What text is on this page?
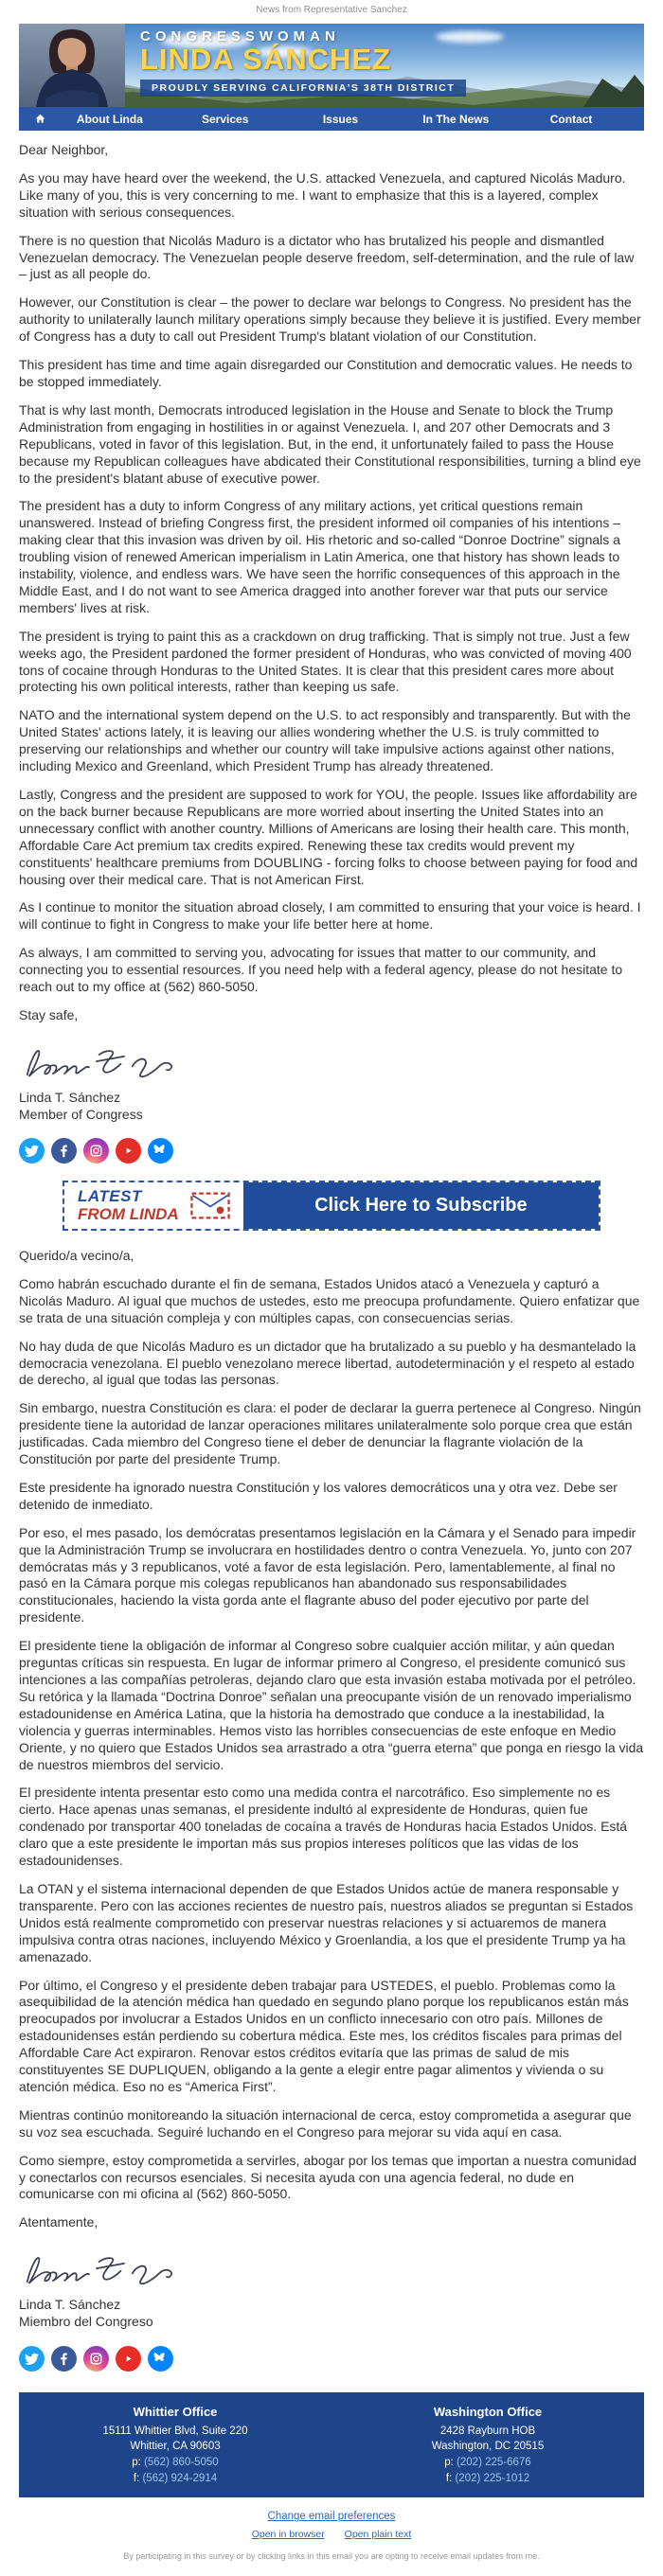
News from Representative Sanchez
CONGRESSWOMAN
LINDA SÁNCHEZ
PROUDLY SERVING CALIFORNIA'S 38TH DISTRICT
About Linda	Services	Issues	In The News	Contact

Dear Neighbor,

As you may have heard over the weekend, the U.S. attacked Venezuela, and captured Nicolás Maduro. Like many of you, this is very concerning to me. I want to emphasize that this is a layered, complex situation with serious consequences.

There is no question that Nicolás Maduro is a dictator who has brutalized his people and dismantled Venezuelan democracy. The Venezuelan people deserve freedom, self-determination, and the rule of law – just as all people do.

However, our Constitution is clear – the power to declare war belongs to Congress. No president has the authority to unilaterally launch military operations simply because they believe it is justified. Every member of Congress has a duty to call out President Trump's blatant violation of our Constitution.

This president has time and time again disregarded our Constitution and democratic values. He needs to be stopped immediately.

That is why last month, Democrats introduced legislation in the House and Senate to block the Trump Administration from engaging in hostilities in or against Venezuela. I, and 207 other Democrats and 3 Republicans, voted in favor of this legislation. But, in the end, it unfortunately failed to pass the House because my Republican colleagues have abdicated their Constitutional responsibilities, turning a blind eye to the president's blatant abuse of executive power.

The president has a duty to inform Congress of any military actions, yet critical questions remain unanswered. Instead of briefing Congress first, the president informed oil companies of his intentions – making clear that this invasion was driven by oil. His rhetoric and so-called “Donroe Doctrine” signals a troubling vision of renewed American imperialism in Latin America, one that history has shown leads to instability, violence, and endless wars. We have seen the horrific consequences of this approach in the Middle East, and I do not want to see America dragged into another forever war that puts our service members' lives at risk.

The president is trying to paint this as a crackdown on drug trafficking. That is simply not true. Just a few weeks ago, the President pardoned the former president of Honduras, who was convicted of moving 400 tons of cocaine through Honduras to the United States. It is clear that this president cares more about protecting his own political interests, rather than keeping us safe.

NATO and the international system depend on the U.S. to act responsibly and transparently. But with the United States' actions lately, it is leaving our allies wondering whether the U.S. is truly committed to preserving our relationships and whether our country will take impulsive actions against other nations, including Mexico and Greenland, which President Trump has already threatened.

Lastly, Congress and the president are supposed to work for YOU, the people. Issues like affordability are on the back burner because Republicans are more worried about inserting the United States into an unnecessary conflict with another country. Millions of Americans are losing their health care. This month, Affordable Care Act premium tax credits expired. Renewing these tax credits would prevent my constituents' healthcare premiums from DOUBLING - forcing folks to choose between paying for food and housing over their medical care. That is not American First.

As I continue to monitor the situation abroad closely, I am committed to ensuring that your voice is heard. I will continue to fight in Congress to make your life better here at home.

As always, I am committed to serving you, advocating for issues that matter to our community, and connecting you to essential resources. If you need help with a federal agency, please do not hesitate to reach out to my office at (562) 860-5050.

Stay safe,

Linda T. Sánchez
Member of Congress
LATEST
FROM LINDA	Click Here to Subscribe

Querido/a vecino/a,

Como habrán escuchado durante el fin de semana, Estados Unidos atacó a Venezuela y capturó a Nicolás Maduro. Al igual que muchos de ustedes, esto me preocupa profundamente. Quiero enfatizar que se trata de una situación compleja y con múltiples capas, con consecuencias serias.

No hay duda de que Nicolás Maduro es un dictador que ha brutalizado a su pueblo y ha desmantelado la democracia venezolana. El pueblo venezolano merece libertad, autodeterminación y el respeto al estado de derecho, al igual que todas las personas.

Sin embargo, nuestra Constitución es clara: el poder de declarar la guerra pertenece al Congreso. Ningún presidente tiene la autoridad de lanzar operaciones militares unilateralmente solo porque crea que están justificadas. Cada miembro del Congreso tiene el deber de denunciar la flagrante violación de la Constitución por parte del presidente Trump.

Este presidente ha ignorado nuestra Constitución y los valores democráticos una y otra vez. Debe ser detenido de inmediato.

Por eso, el mes pasado, los demócratas presentamos legislación en la Cámara y el Senado para impedir que la Administración Trump se involucrara en hostilidades dentro o contra Venezuela. Yo, junto con 207 demócratas más y 3 republicanos, voté a favor de esta legislación. Pero, lamentablemente, al final no pasó en la Cámara porque mis colegas republicanos han abandonado sus responsabilidades constitucionales, haciendo la vista gorda ante el flagrante abuso del poder ejecutivo por parte del presidente.

El presidente tiene la obligación de informar al Congreso sobre cualquier acción militar, y aún quedan preguntas críticas sin respuesta. En lugar de informar primero al Congreso, el presidente comunicó sus intenciones a las compañías petroleras, dejando claro que esta invasión estaba motivada por el petróleo. Su retórica y la llamada “Doctrina Donroe” señalan una preocupante visión de un renovado imperialismo estadounidense en América Latina, que la historia ha demostrado que conduce a la inestabilidad, la violencia y guerras interminables. Hemos visto las horribles consecuencias de este enfoque en Medio Oriente, y no quiero que Estados Unidos sea arrastrado a otra “guerra eterna” que ponga en riesgo la vida de nuestros miembros del servicio.

El presidente intenta presentar esto como una medida contra el narcotráfico. Eso simplemente no es cierto. Hace apenas unas semanas, el presidente indultó al expresidente de Honduras, quien fue condenado por transportar 400 toneladas de cocaína a través de Honduras hacia Estados Unidos. Está claro que a este presidente le importan más sus propios intereses políticos que las vidas de los estadounidenses.

La OTAN y el sistema internacional dependen de que Estados Unidos actúe de manera responsable y transparente. Pero con las acciones recientes de nuestro país, nuestros aliados se preguntan si Estados Unidos está realmente comprometido con preservar nuestras relaciones y si actuaremos de manera impulsiva contra otras naciones, incluyendo México y Groenlandia, a los que el presidente Trump ya ha amenazado.

Por último, el Congreso y el presidente deben trabajar para USTEDES, el pueblo. Problemas como la asequibilidad de la atención médica han quedado en segundo plano porque los republicanos están más preocupados por involucrar a Estados Unidos en un conflicto innecesario con otro país. Millones de estadounidenses están perdiendo su cobertura médica. Este mes, los créditos fiscales para primas del Affordable Care Act expiraron. Renovar estos créditos evitaría que las primas de salud de mis constituyentes SE DUPLIQUEN, obligando a la gente a elegir entre pagar alimentos y vivienda o su atención médica. Eso no es “America First”.

Mientras continúo monitoreando la situación internacional de cerca, estoy comprometida a asegurar que su voz sea escuchada. Seguiré luchando en el Congreso para mejorar su vida aquí en casa.

Como siempre, estoy comprometida a servirles, abogar por los temas que importan a nuestra comunidad y conectarlos con recursos esenciales. Si necesita ayuda con una agencia federal, no dude en comunicarse con mi oficina al (562) 860-5050.

Atentamente,

Linda T. Sánchez
Miembro del Congreso
Whittier Office
15111 Whittier Blvd, Suite 220
Whittier, CA 90603
p: (562) 860-5050
f: (562) 924-2914
Washington Office
2428 Rayburn HOB
Washington, DC 20515
p: (202) 225-6676
f: (202) 225-1012
Change email preferences
Open in browser Open plain text
By participating in this survey or by clicking links in this email you are opting to receive email updates from me.
